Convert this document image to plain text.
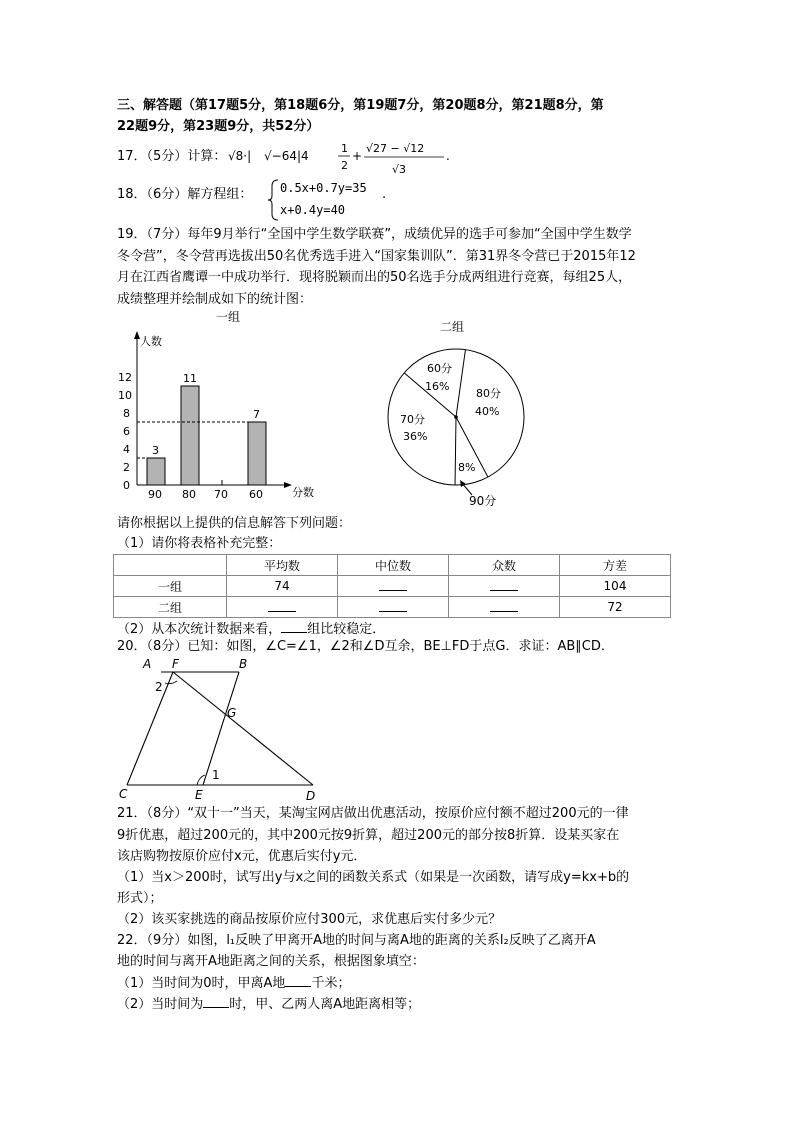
三、解答题（第17题5分，第18题6分，第19题7分，第20题8分，第21题8分，第
22题9分，第23题9分，共52分）
17．（5分）计算： √8·| √−64|4
1
2
+
√27 − √12
√3
.
18．（6分）解方程组： 0.5x+0.7y=35
x+0.4y=40
.
19．（7分）每年9月举行“全国中学生数学联赛”，成绩优异的选手可参加“全国中学生数学
冬令营”，冬令营再选拔出50名优秀选手进入“国家集训队”．第31界冬令营已于2015年12
月在江西省鹰谭一中成功举行．现将脱颖而出的50名选手分成两组进行竞赛，每组25人，
成绩整理并绘制成如下的统计图：
一组
人数
分数
0
2
4
6
8
10
12
90
3
80
11
70 60
7
二组
60分
16%
80分
40%
70分
36%
8%
90分
请你根据以上提供的信息解答下列问题：
（1）请你将表格补充完整：
	平均数	中位数	众数	方差
一组	74			104
二组				72
（2）从本次统计数据来看， 组比较稳定．
20．（8分）已知：如图，∠C=∠1，∠2和∠D互余，BE⊥FD于点G．求证：AB∥CD．
A F	B
2
G
1
C	E	D
21．（8分）“双十一”当天，某淘宝网店做出优惠活动，按原价应付额不超过200元的一律
9折优惠，超过200元的，其中200元按9折算，超过200元的部分按8折算．设某买家在
该店购物按原价应付x元，优惠后实付y元．
（1）当x＞200时，试写出y与x之间的函数关系式（如果是一次函数，请写成y=kx+b的
形式）；
（2）该买家挑选的商品按原价应付300元，求优惠后实付多少元？
22．（9分）如图，l₁反映了甲离开A地的时间与离A地的距离的关系l₂反映了乙离开A
地的时间与离开A地距离之间的关系，根据图象填空：
（1）当时间为0时，甲离A地 千米；
（2）当时间为 时，甲、乙两人离A地距离相等；
